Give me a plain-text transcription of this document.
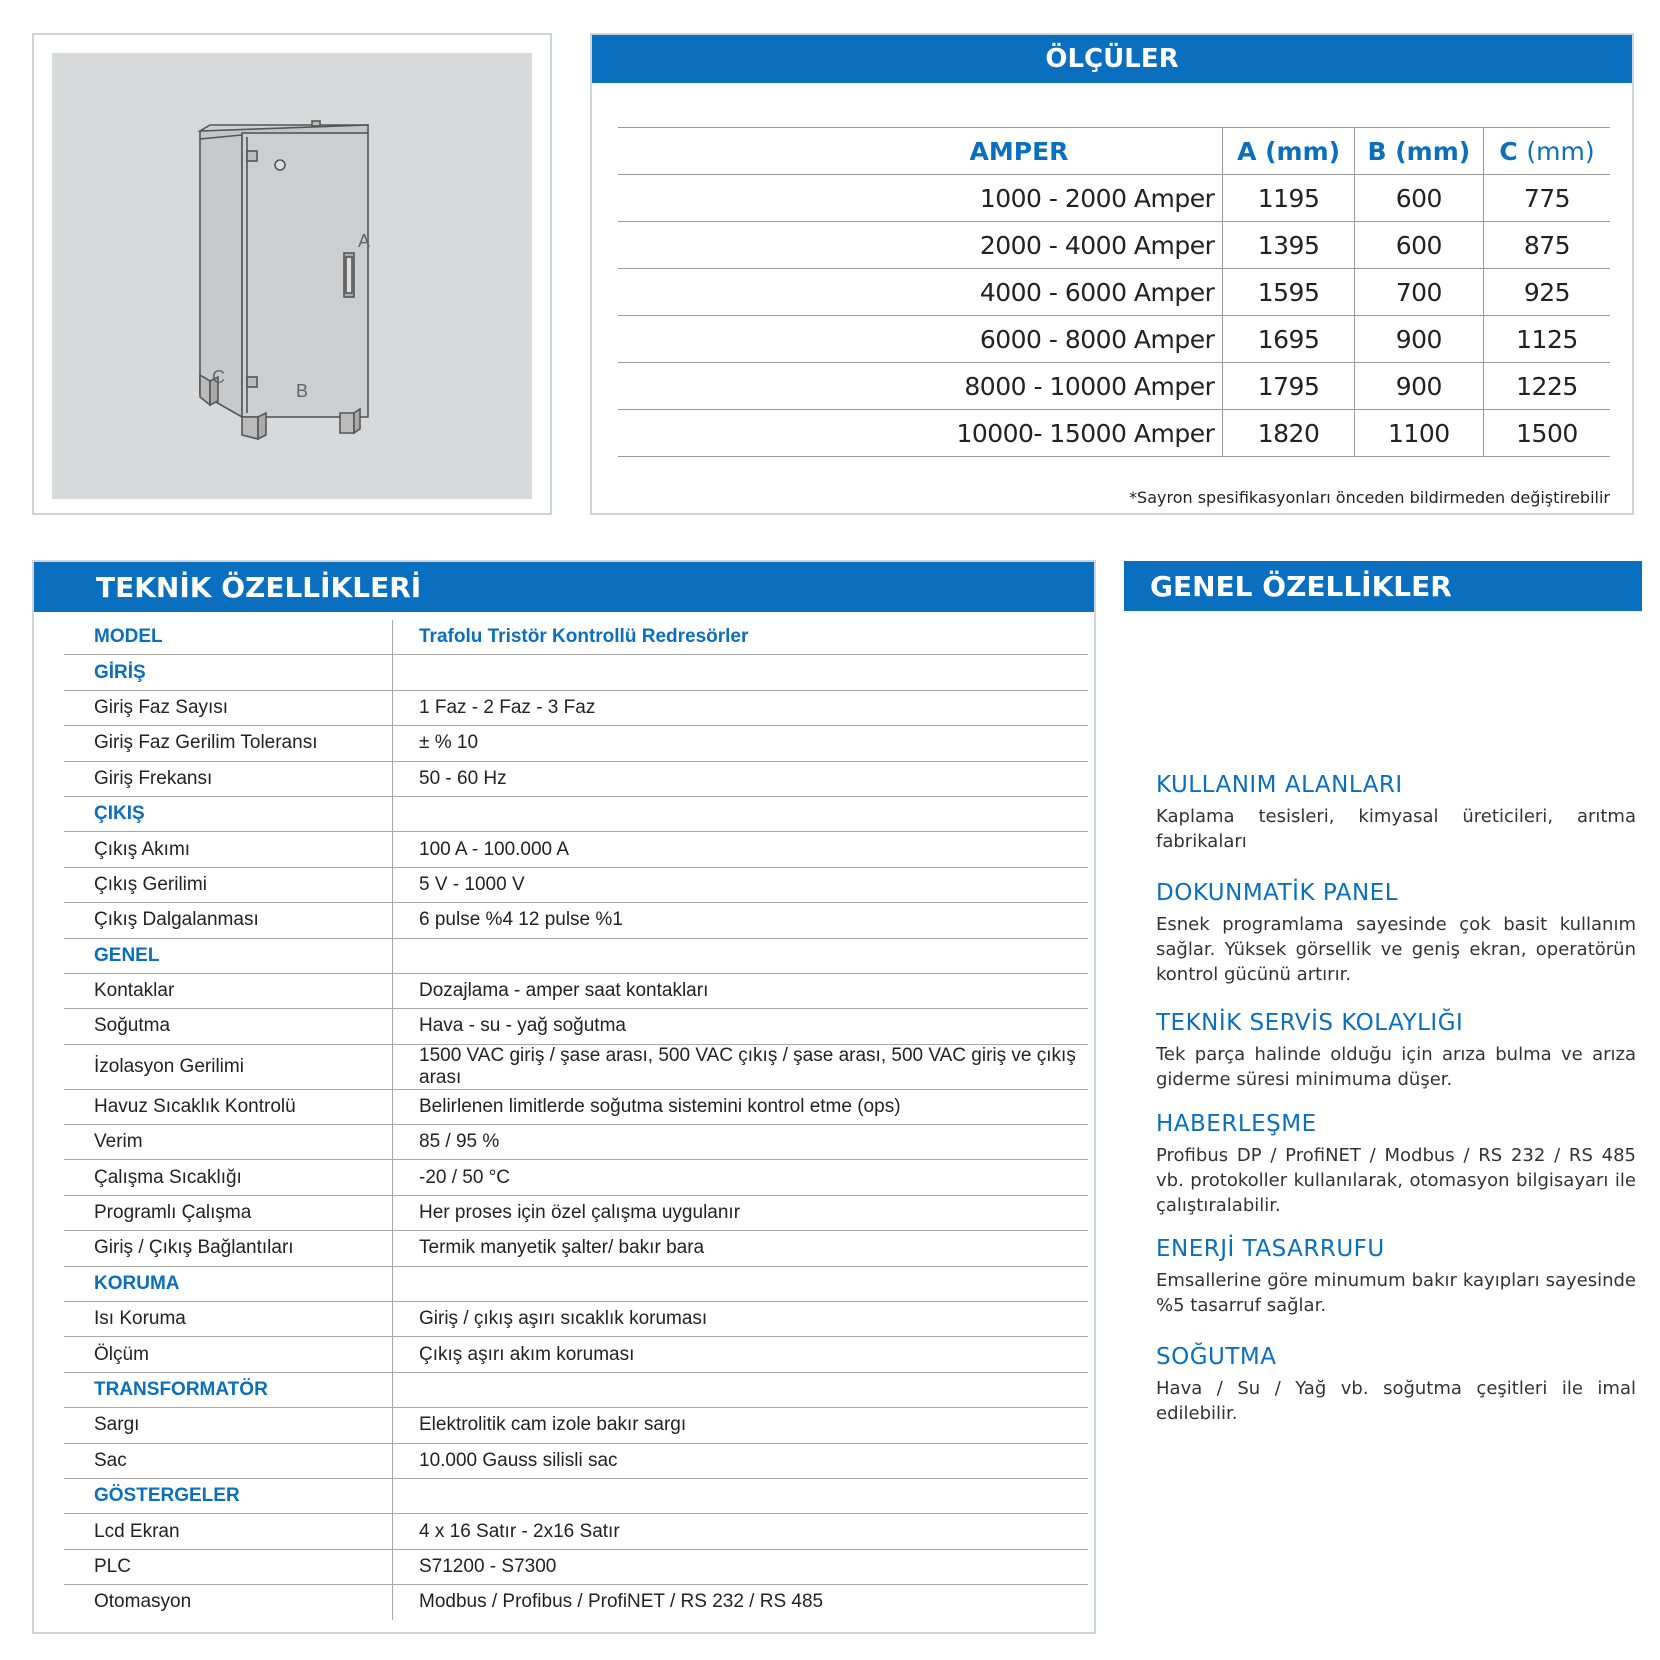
A
B
C
ÖLÇÜLER
AMPER	A (mm)	B (mm)	C (mm)
1000 - 2000 Amper	1195	600	775
2000 - 4000 Amper	1395	600	875
4000 - 6000 Amper	1595	700	925
6000 - 8000 Amper	1695	900	1125
8000 - 10000 Amper	1795	900	1225
10000- 15000 Amper	1820	1100	1500
*Sayron spesifikasyonları önceden bildirmeden değiştirebilir
TEKNİK ÖZELLİKLERİ
MODEL	Trafolu Tristör Kontrollü Redresörler
GİRİŞ	
Giriş Faz Sayısı	1 Faz - 2 Faz - 3 Faz
Giriş Faz Gerilim Toleransı	± % 10
Giriş Frekansı	50 - 60 Hz
ÇIKIŞ	
Çıkış Akımı	100 A - 100.000 A
Çıkış Gerilimi	5 V - 1000 V
Çıkış Dalgalanması	6 pulse %4 12 pulse %1
GENEL	
Kontaklar	Dozajlama - amper saat kontakları
Soğutma	Hava - su - yağ soğutma
İzolasyon Gerilimi	1500 VAC giriş / şase arası, 500 VAC çıkış / şase arası, 500 VAC giriş ve çıkış arası
Havuz Sıcaklık Kontrolü	Belirlenen limitlerde soğutma sistemini kontrol etme (ops)
Verim	85 / 95 %
Çalışma Sıcaklığı	-20 / 50 °C
Programlı Çalışma	Her proses için özel çalışma uygulanır
Giriş / Çıkış Bağlantıları	Termik manyetik şalter/ bakır bara
KORUMA	
Isı Koruma	Giriş / çıkış aşırı sıcaklık koruması
Ölçüm	Çıkış aşırı akım koruması
TRANSFORMATÖR	
Sargı	Elektrolitik cam izole bakır sargı
Sac	10.000 Gauss silisli sac
GÖSTERGELER	
Lcd Ekran	4 x 16 Satır - 2x16 Satır
PLC	S71200 - S7300
Otomasyon	Modbus / Profibus / ProfiNET / RS 232 / RS 485
GENEL ÖZELLİKLER
KULLANIM ALANLARI

Kaplama tesisleri, kimyasal üreticileri, arıtma fabrikaları

DOKUNMATİK PANEL

Esnek programlama sayesinde çok basit kullanım sağlar. Yüksek görsellik ve geniş ekran, operatörün kontrol gücünü artırır.

TEKNİK SERVİS KOLAYLIĞI

Tek parça halinde olduğu için arıza bulma ve arıza giderme süresi minimuma düşer.

HABERLEŞME

Profibus DP / ProfiNET / Modbus / RS 232 / RS 485 vb. protokoller kullanılarak, otomasyon bilgisayarı ile çalıştıralabilir.

ENERJİ TASARRUFU

Emsallerine göre minumum bakır kayıpları sayesinde %5 tasarruf sağlar.

SOĞUTMA

Hava / Su / Yağ vb. soğutma çeşitleri ile imal edilebilir.
